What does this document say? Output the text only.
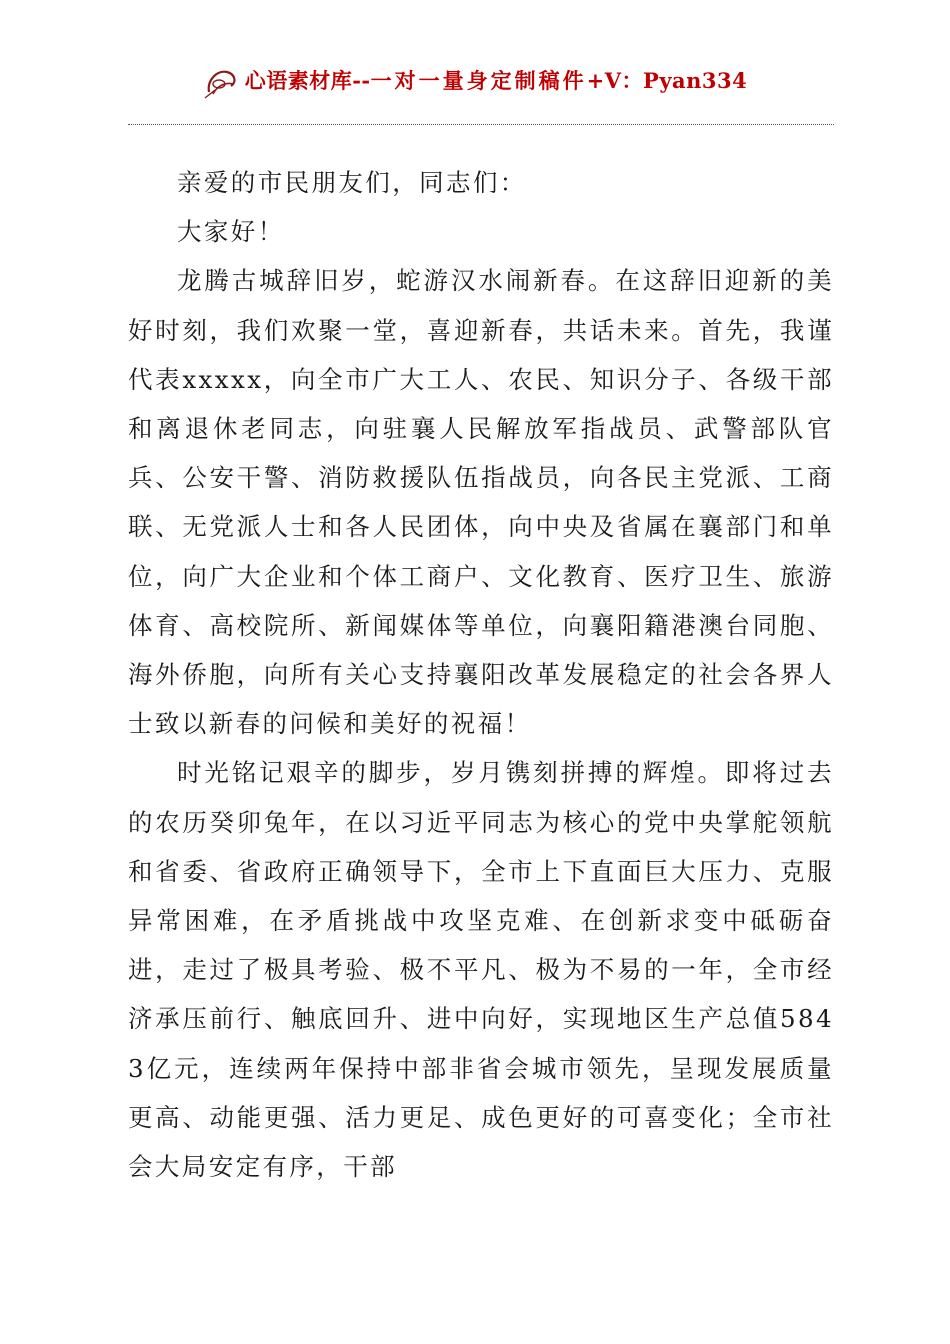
心语素材库--一对一量身定制稿件+V：Pyan334

亲爱的市民朋友们，同志们：

大家好！

龙腾古城辞旧岁，蛇游汉水闹新春。在这辞旧迎新的美好时刻，我们欢聚一堂，喜迎新春，共话未来。首先，我谨代表xxxxx，向全市广大工人、农民、知识分子、各级干部和离退休老同志，向驻襄人民解放军指战员、武警部队官兵、公安干警、消防救援队伍指战员，向各民主党派、工商联、无党派人士和各人民团体，向中央及省属在襄部门和单位，向广大企业和个体工商户、文化教育、医疗卫生、旅游体育、高校院所、新闻媒体等单位，向襄阳籍港澳台同胞、海外侨胞，向所有关心支持襄阳改革发展稳定的社会各界人士致以新春的问候和美好的祝福！

时光铭记艰辛的脚步，岁月镌刻拼搏的辉煌。即将过去的农历癸卯兔年，在以习近平同志为核心的党中央掌舵领航和省委、省政府正确领导下，全市上下直面巨大压力、克服异常困难，在矛盾挑战中攻坚克难、在创新求变中砥砺奋进，走过了极具考验、极不平凡、极为不易的一年，全市经济承压前行、触底回升、进中向好，实现地区生产总值5843亿元，连续两年保持中部非省会城市领先，呈现发展质量更高、动能更强、活力更足、成色更好的可喜变化；全市社会大局安定有序，干部
